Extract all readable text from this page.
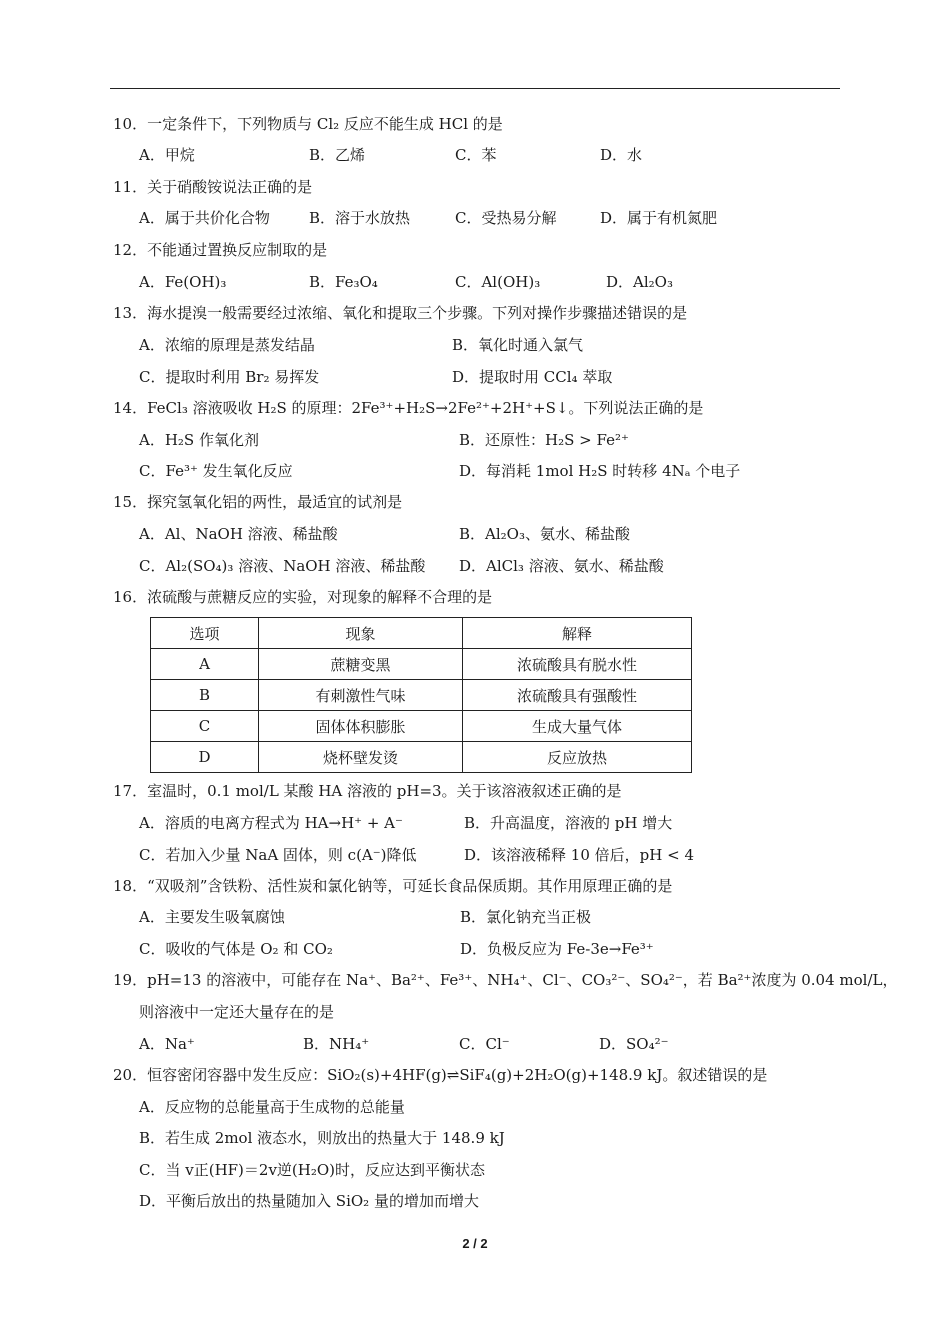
10．一定条件下，下列物质与 Cl₂ 反应不能生成 HCl 的是
A．甲烷	B．乙烯	C．苯	D．水
11．关于硝酸铵说法正确的是
A．属于共价化合物	B．溶于水放热	C．受热易分解	D．属于有机氮肥
12．不能通过置换反应制取的是
A．Fe(OH)₃	B．Fe₃O₄	C．Al(OH)₃	D．Al₂O₃
13．海水提溴一般需要经过浓缩、氧化和提取三个步骤。下列对操作步骤描述错误的是
A．浓缩的原理是蒸发结晶	B．氧化时通入氯气
C．提取时利用 Br₂ 易挥发	D．提取时用 CCl₄ 萃取
14．FeCl₃ 溶液吸收 H₂S 的原理：2Fe³⁺+H₂S→2Fe²⁺+2H⁺+S↓。下列说法正确的是
A．H₂S 作氧化剂	B．还原性：H₂S > Fe²⁺
C．Fe³⁺ 发生氧化反应	D．每消耗 1mol H₂S 时转移 4Nₐ 个电子
15．探究氢氧化铝的两性，最适宜的试剂是
A．Al、NaOH 溶液、稀盐酸	B．Al₂O₃、氨水、稀盐酸
C．Al₂(SO₄)₃ 溶液、NaOH 溶液、稀盐酸 D．AlCl₃ 溶液、氨水、稀盐酸
16．浓硫酸与蔗糖反应的实验，对现象的解释不合理的是
选项	现象	解释
A	蔗糖变黑	浓硫酸具有脱水性
B	有刺激性气味	浓硫酸具有强酸性
C	固体体积膨胀	生成大量气体
D	烧杯壁发烫	反应放热
17．室温时，0.1 mol/L 某酸 HA 溶液的 pH=3。关于该溶液叙述正确的是
A．溶质的电离方程式为 HA→H⁺ + A⁻	B．升高温度，溶液的 pH 增大
C．若加入少量 NaA 固体，则 c(A⁻)降低	D．该溶液稀释 10 倍后，pH < 4
18．“双吸剂”含铁粉、活性炭和氯化钠等，可延长食品保质期。其作用原理正确的是
A．主要发生吸氧腐蚀	B．氯化钠充当正极
C．吸收的气体是 O₂ 和 CO₂	D．负极反应为 Fe-3e→Fe³⁺
19．pH=13 的溶液中，可能存在 Na⁺、Ba²⁺、Fe³⁺、NH₄⁺、Cl⁻、CO₃²⁻、SO₄²⁻，若 Ba²⁺浓度为 0.04 mol/L，
则溶液中一定还大量存在的是
A．Na⁺	B．NH₄⁺	C．Cl⁻	D．SO₄²⁻
20．恒容密闭容器中发生反应：SiO₂(s)+4HF(g)⇌SiF₄(g)+2H₂O(g)+148.9 kJ。叙述错误的是
A．反应物的总能量高于生成物的总能量
B．若生成 2mol 液态水，则放出的热量大于 148.9 kJ
C．当 v正(HF)＝2v逆(H₂O)时，反应达到平衡状态
D．平衡后放出的热量随加入 SiO₂ 量的增加而增大
2 / 2
